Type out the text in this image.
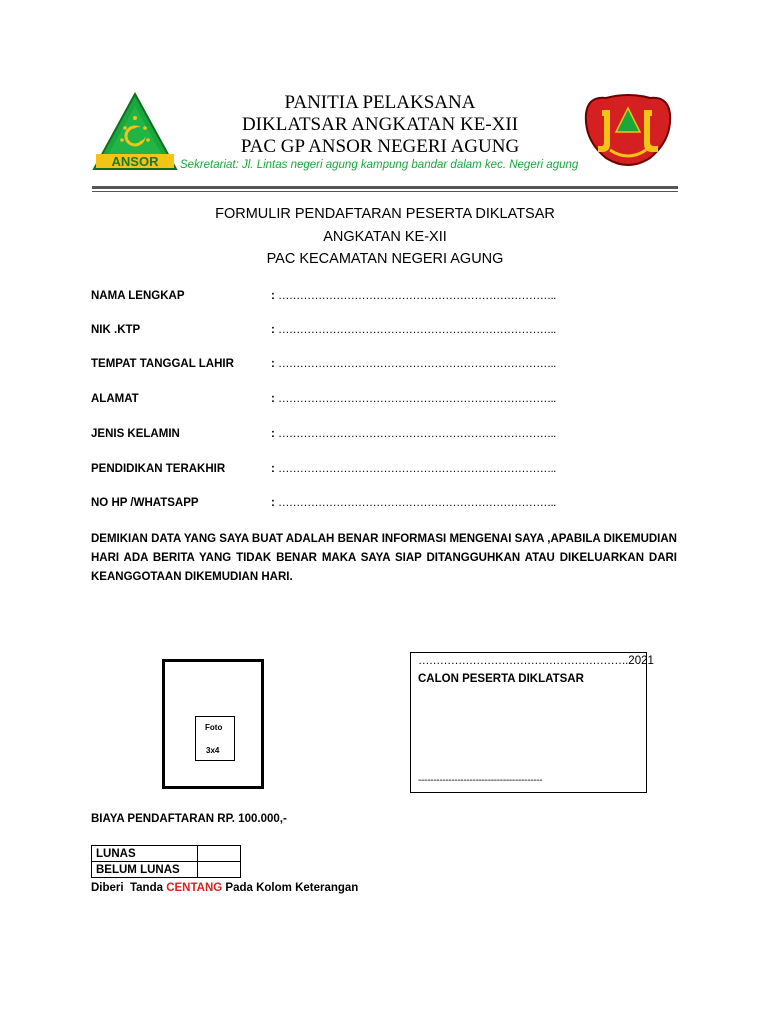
ANSOR
PANITIA PELAKSANA
DIKLATSAR ANGKATAN KE-XII
PAC GP ANSOR NEGERI AGUNG
Sekretariat: Jl. Lintas negeri agung kampung bandar dalam kec. Negeri agung
FORMULIR PENDAFTARAN PESERTA DIKLATSAR
ANGKATAN KE-XII
PAC KECAMATAN NEGERI AGUNG
NAMA LENGKAP	: …………………………………………………………………..
NIK .KTP	: …………………………………………………………………..
TEMPAT TANGGAL LAHIR	: …………………………………………………………………..
ALAMAT	: …………………………………………………………………..
JENIS KELAMIN	: …………………………………………………………………..
PENDIDIKAN TERAKHIR	: …………………………………………………………………..
NO HP /WHATSAPP	: …………………………………………………………………..
DEMIKIAN DATA YANG SAYA BUAT ADALAH BENAR INFORMASI MENGENAI SAYA ,APABILA DIKEMUDIAN HARI ADA BERITA YANG TIDAK BENAR MAKA SAYA SIAP DITANGGUHKAN ATAU DIKELUARKAN DARI KEANGGOTAAN DIKEMUDIAN HARI.
Foto
3x4
………………………………………………….2021
CALON PESERTA DIKLATSAR
-----------------------------------------
BIAYA PENDAFTARAN RP. 100.000,-
LUNAS	
BELUM LUNAS	
Diberi  Tanda CENTANG Pada Kolom Keterangan
